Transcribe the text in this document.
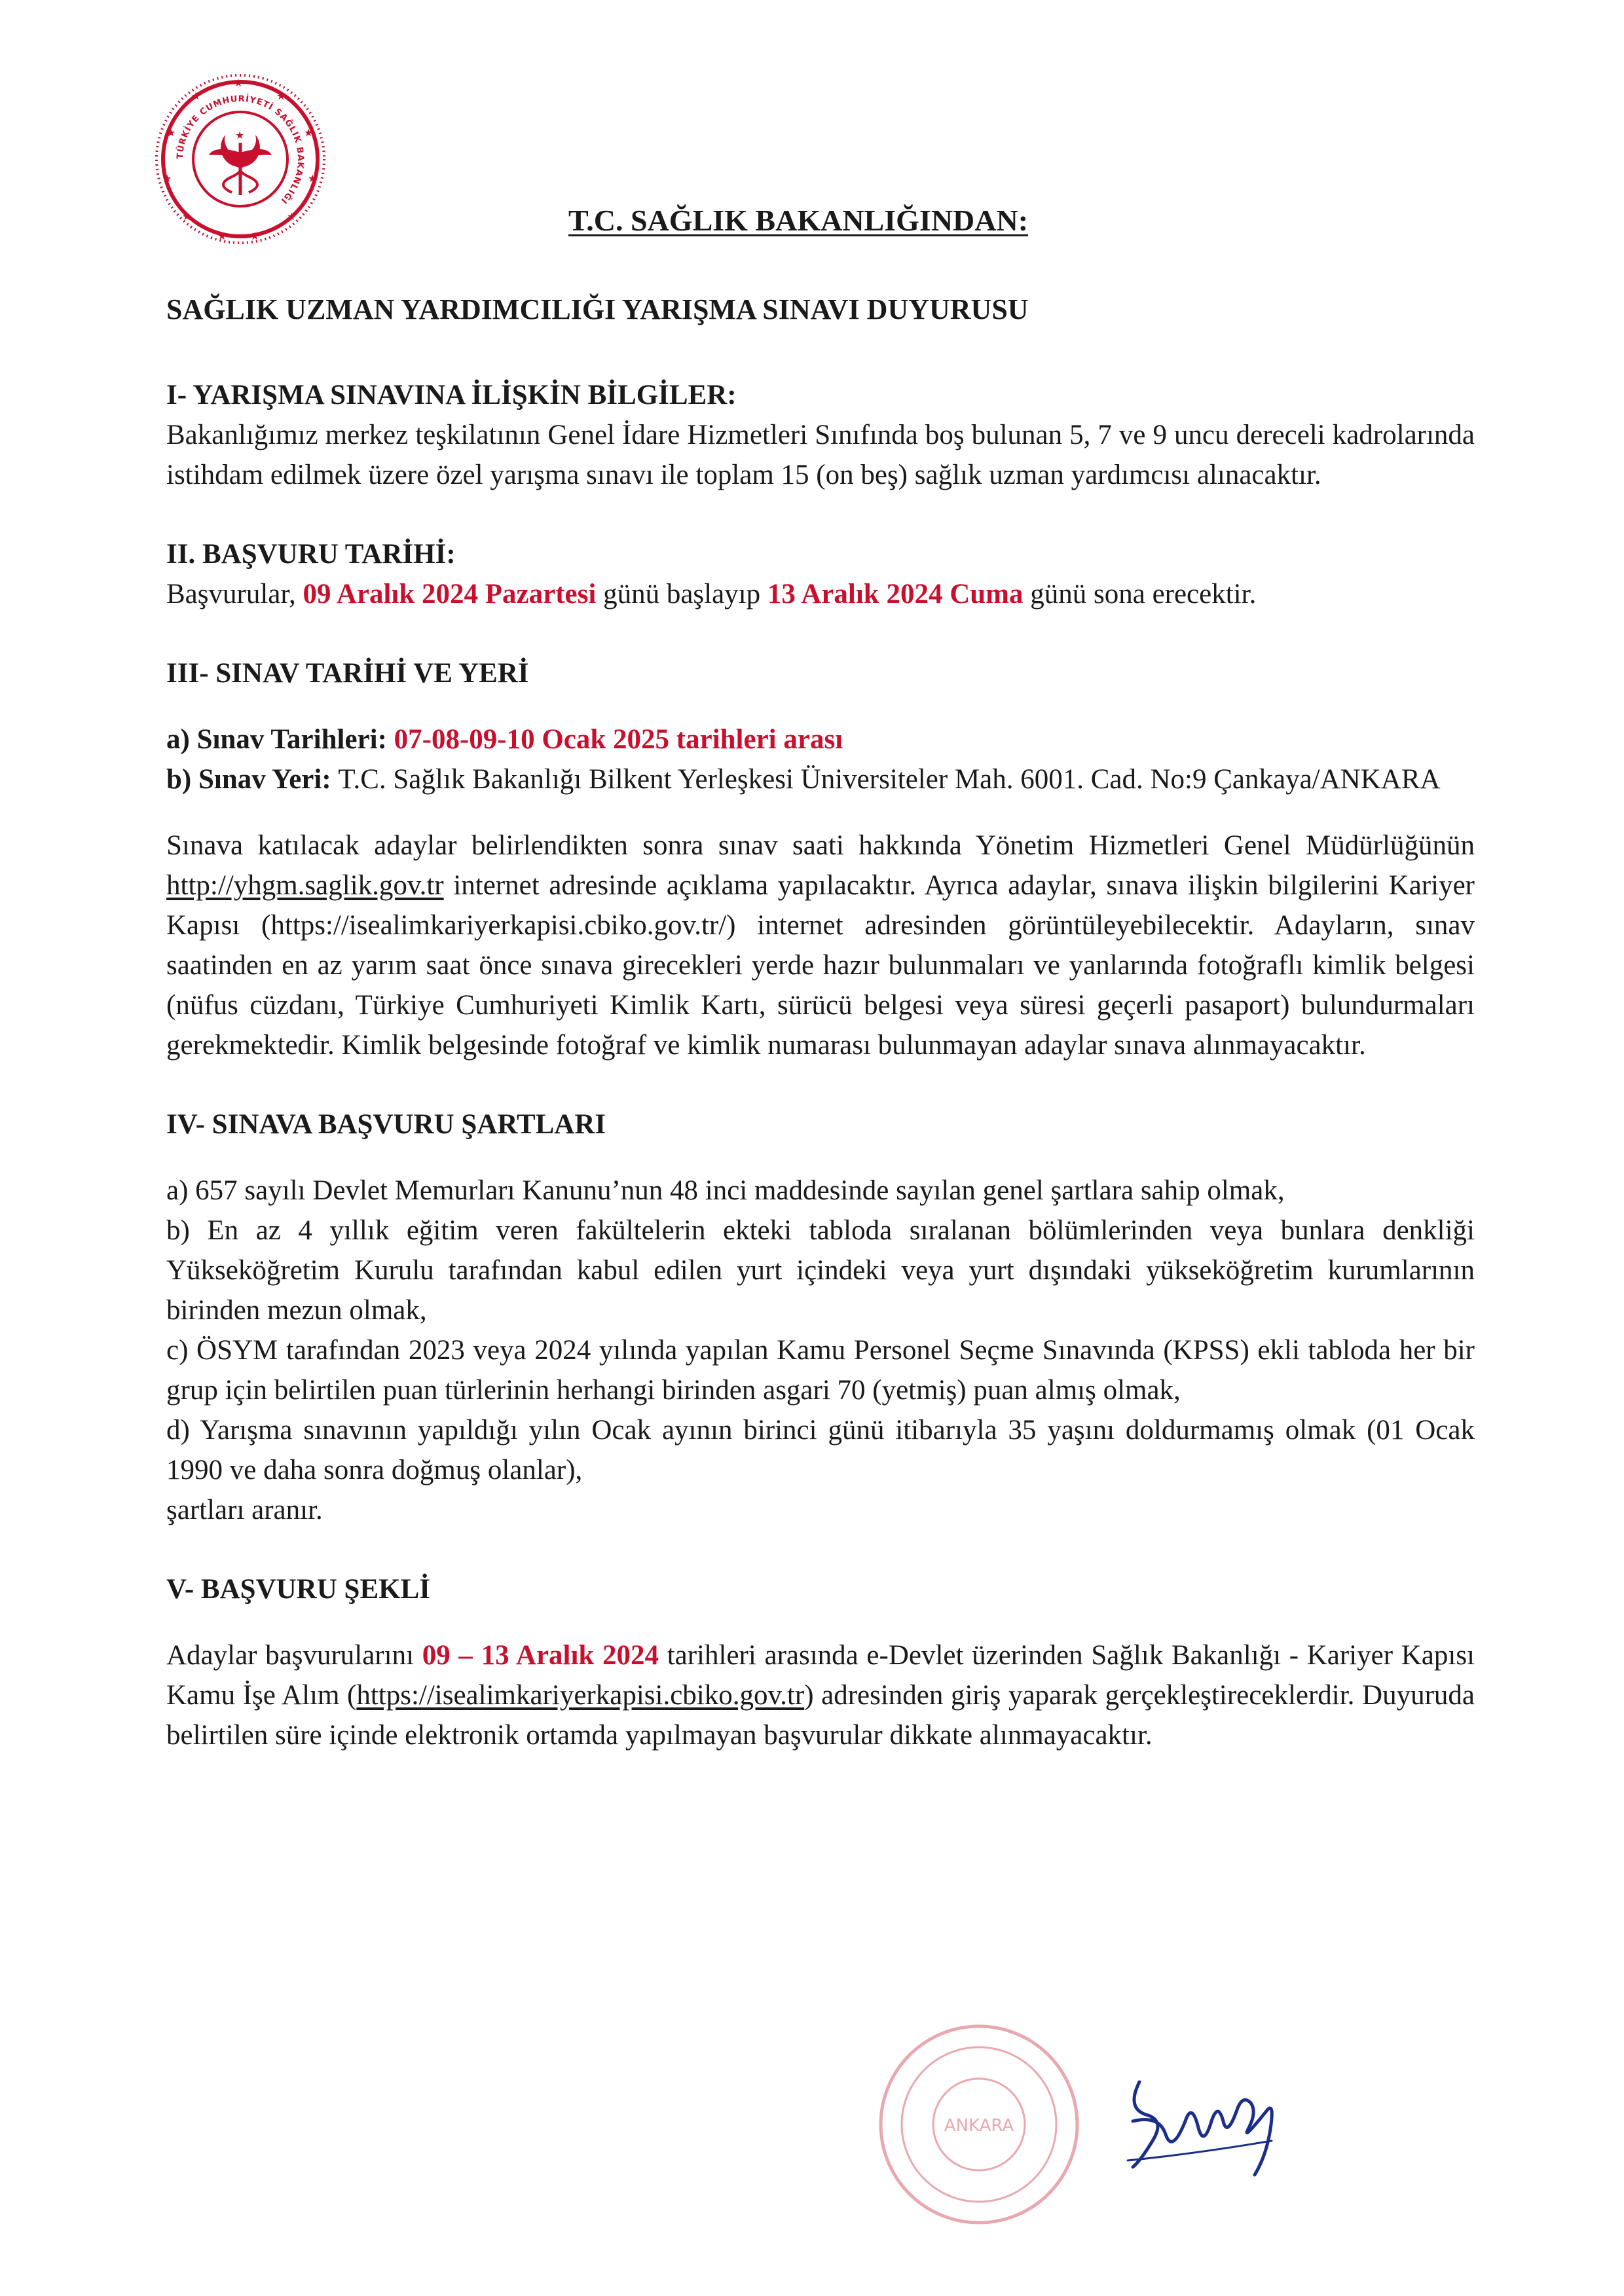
★
★	★
★	★
★	★
★	★
★ ★
TÜRKİYE CUMHURİYETİ SAĞLIK BAKANLIĞI
★
T.C. SAĞLIK BAKANLIĞINDAN:

SAĞLIK UZMAN YARDIMCILIĞI YARIŞMA SINAVI DUYURUSU

I- YARIŞMA SINAVINA İLİŞKİN BİLGİLER:

Bakanlığımız merkez teşkilatının Genel İdare Hizmetleri Sınıfında boş bulunan 5, 7 ve 9 uncu dereceli kadrolarında istihdam edilmek üzere özel yarışma sınavı ile toplam 15 (on beş) sağlık uzman yardımcısı alınacaktır.

II. BAŞVURU TARİHİ:

Başvurular, 09 Aralık 2024 Pazartesi günü başlayıp 13 Aralık 2024 Cuma günü sona erecektir.

III- SINAV TARİHİ VE YERİ

a) Sınav Tarihleri: 07-08-09-10 Ocak 2025 tarihleri arası

b) Sınav Yeri: T.C. Sağlık Bakanlığı Bilkent Yerleşkesi Üniversiteler Mah. 6001. Cad. No:9 Çankaya/ANKARA

Sınava katılacak adaylar belirlendikten sonra sınav saati hakkında Yönetim Hizmetleri Genel Müdürlüğünün http://yhgm.saglik.gov.tr internet adresinde açıklama yapılacaktır. Ayrıca adaylar, sınava ilişkin bilgilerini Kariyer Kapısı (https://isealimkariyerkapisi.cbiko.gov.tr/) internet adresinden görüntüleyebilecektir. Adayların, sınav saatinden en az yarım saat önce sınava girecekleri yerde hazır bulunmaları ve yanlarında fotoğraflı kimlik belgesi (nüfus cüzdanı, Türkiye Cumhuriyeti Kimlik Kartı, sürücü belgesi veya süresi geçerli pasaport) bulundurmaları gerekmektedir. Kimlik belgesinde fotoğraf ve kimlik numarası bulunmayan adaylar sınava alınmayacaktır.

IV- SINAVA BAŞVURU ŞARTLARI

a) 657 sayılı Devlet Memurları Kanunu’nun 48 inci maddesinde sayılan genel şartlara sahip olmak,

b) En az 4 yıllık eğitim veren fakültelerin ekteki tabloda sıralanan bölümlerinden veya bunlara denkliği Yükseköğretim Kurulu tarafından kabul edilen yurt içindeki veya yurt dışındaki yükseköğretim kurumlarının birinden mezun olmak,

c) ÖSYM tarafından 2023 veya 2024 yılında yapılan Kamu Personel Seçme Sınavında (KPSS) ekli tabloda her bir grup için belirtilen puan türlerinin herhangi birinden asgari 70 (yetmiş) puan almış olmak,

d) Yarışma sınavının yapıldığı yılın Ocak ayının birinci günü itibarıyla 35 yaşını doldurmamış olmak (01 Ocak 1990 ve daha sonra doğmuş olanlar),

şartları aranır.

V- BAŞVURU ŞEKLİ

Adaylar başvurularını 09 – 13 Aralık 2024 tarihleri arasında e-Devlet üzerinden Sağlık Bakanlığı - Kariyer Kapısı Kamu İşe Alım (https://isealimkariyerkapisi.cbiko.gov.tr) adresinden giriş yaparak gerçekleştireceklerdir. Duyuruda belirtilen süre içinde elektronik ortamda yapılmayan başvurular dikkate alınmayacaktır.

ANKARA
